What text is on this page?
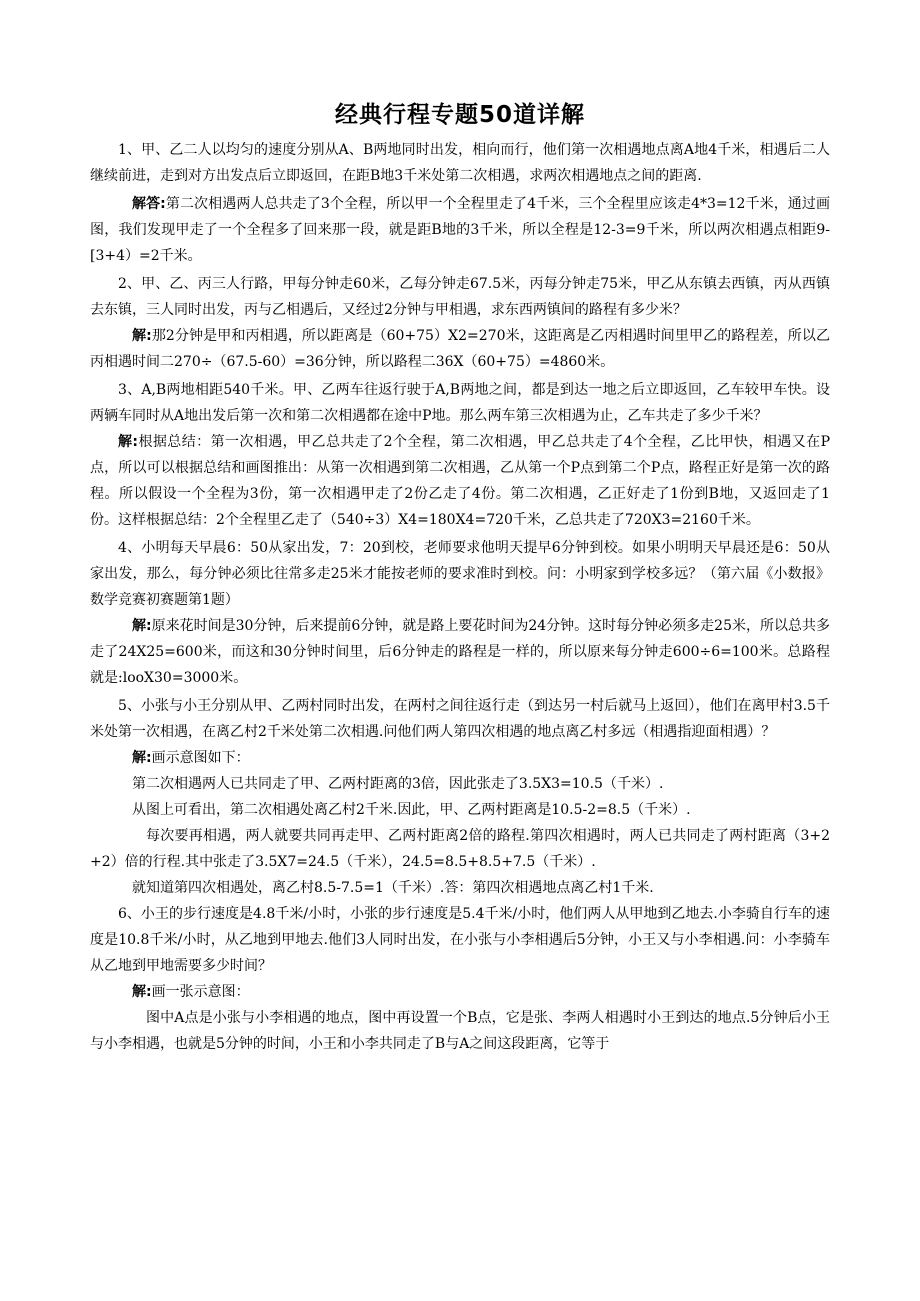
经典行程专题50道详解

1、甲、乙二人以均匀的速度分别从A、B两地同时出发，相向而行，他们第一次相遇地点离A地4千米，相遇后二人继续前进，走到对方出发点后立即返回，在距B地3千米处第二次相遇，求两次相遇地点之间的距离.

解答:第二次相遇两人总共走了3个全程，所以甲一个全程里走了4千米，三个全程里应该走4*3=12千米，通过画图，我们发现甲走了一个全程多了回来那一段，就是距B地的3千米，所以全程是12-3=9千米，所以两次相遇点相距9-[3+4）=2千米。

2、甲、乙、丙三人行路，甲每分钟走60米，乙每分钟走67.5米，丙每分钟走75米，甲乙从东镇去西镇，丙从西镇去东镇，三人同时出发，丙与乙相遇后，又经过2分钟与甲相遇，求东西两镇间的路程有多少米？

解:那2分钟是甲和丙相遇，所以距离是（60+75）X2=270米，这距离是乙丙相遇时间里甲乙的路程差，所以乙丙相遇时间二270÷（67.5-60）=36分钟，所以路程二36X（60+75）=4860米。

3、A,B两地相距540千米。甲、乙两车往返行驶于A,B两地之间，都是到达一地之后立即返回，乙车较甲车快。设两辆车同时从A地出发后第一次和第二次相遇都在途中P地。那么两车第三次相遇为止，乙车共走了多少千米？

解:根据总结：第一次相遇，甲乙总共走了2个全程，第二次相遇，甲乙总共走了4个全程，乙比甲快，相遇又在P点，所以可以根据总结和画图推出：从第一次相遇到第二次相遇，乙从第一个P点到第二个P点，路程正好是第一次的路程。所以假设一个全程为3份，第一次相遇甲走了2份乙走了4份。第二次相遇，乙正好走了1份到B地，又返回走了1份。这样根据总结：2个全程里乙走了（540÷3）X4=180X4=720千米，乙总共走了720X3=2160千米。

4、小明每天早晨6：50从家出发，7：20到校，老师要求他明天提早6分钟到校。如果小明明天早晨还是6：50从家出发，那么，每分钟必须比往常多走25米才能按老师的要求准时到校。问：小明家到学校多远？（第六届《小数报》数学竞赛初赛题第1题）

解:原来花时间是30分钟，后来提前6分钟，就是路上要花时间为24分钟。这时每分钟必须多走25米，所以总共多走了24X25=600米，而这和30分钟时间里，后6分钟走的路程是一样的，所以原来每分钟走600÷6=100米。总路程就是:looX30=3000米。

5、小张与小王分别从甲、乙两村同时出发，在两村之间往返行走（到达另一村后就马上返回），他们在离甲村3.5千米处第一次相遇，在离乙村2千米处第二次相遇.问他们两人第四次相遇的地点离乙村多远（相遇指迎面相遇）？

解:画示意图如下：

第二次相遇两人已共同走了甲、乙两村距离的3倍，因此张走了3.5X3=10.5（千米）.

从图上可看出，第二次相遇处离乙村2千米.因此，甲、乙两村距离是10.5-2=8.5（千米）.

每次要再相遇，两人就要共同再走甲、乙两村距离2倍的路程.第四次相遇时，两人已共同走了两村距离（3+2+2）倍的行程.其中张走了3.5X7=24.5（千米），24.5=8.5+8.5+7.5（千米）.

就知道第四次相遇处，离乙村8.5-7.5=1（千米）.答：第四次相遇地点离乙村1千米.

6、小王的步行速度是4.8千米/小时，小张的步行速度是5.4千米/小时，他们两人从甲地到乙地去.小李骑自行车的速度是10.8千米/小时，从乙地到甲地去.他们3人同时出发，在小张与小李相遇后5分钟，小王又与小李相遇.问：小李骑车从乙地到甲地需要多少时间？

解:画一张示意图：

图中A点是小张与小李相遇的地点，图中再设置一个B点，它是张、李两人相遇时小王到达的地点.5分钟后小王与小李相遇，也就是5分钟的时间，小王和小李共同走了B与A之间这段距离，它等于
